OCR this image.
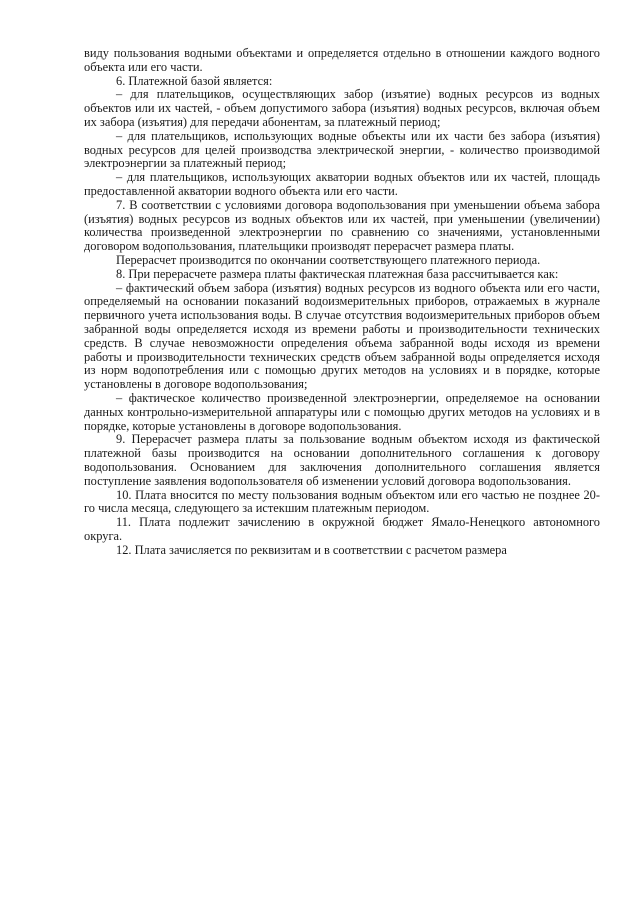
виду пользования водными объектами и определяется отдельно в отношении каждого водного объекта или его части.

6. Платежной базой является:

– для плательщиков, осуществляющих забор (изъятие) водных ресурсов из водных объектов или их частей, - объем допустимого забора (изъятия) водных ресурсов, включая объем их забора (изъятия) для передачи абонентам, за платежный период;

– для плательщиков, использующих водные объекты или их части без забора (изъятия) водных ресурсов для целей производства электрической энергии, - количество производимой электроэнергии за платежный период;

– для плательщиков, использующих акватории водных объектов или их частей, площадь предоставленной акватории водного объекта или его части.

7. В соответствии с условиями договора водопользования при уменьшении объема забора (изъятия) водных ресурсов из водных объектов или их частей, при уменьшении (увеличении) количества произведенной электроэнергии по сравнению со значениями, установленными договором водопользования, плательщики производят перерасчет размера платы.

Перерасчет производится по окончании соответствующего платежного периода.

8. При перерасчете размера платы фактическая платежная база рассчитывается как:

– фактический объем забора (изъятия) водных ресурсов из водного объекта или его части, определяемый на основании показаний водоизмерительных приборов, отражаемых в журнале первичного учета использования воды. В случае отсутствия водоизмерительных приборов объем забранной воды определяется исходя из времени работы и производительности технических средств. В случае невозможности определения объема забранной воды исходя из времени работы и производительности технических средств объем забранной воды определяется исходя из норм водопотребления или с помощью других методов на условиях и в порядке, которые установлены в договоре водопользования;

– фактическое количество произведенной электроэнергии, определяемое на основании данных контрольно-измерительной аппаратуры или с помощью других методов на условиях и в порядке, которые установлены в договоре водопользования.

9. Перерасчет размера платы за пользование водным объектом исходя из фактической платежной базы производится на основании дополнительного соглашения к договору водопользования. Основанием для заключения дополнительного соглашения является поступление заявления водопользователя об изменении условий договора водопользования.

10. Плата вносится по месту пользования водным объектом или его частью не позднее 20-го числа месяца, следующего за истекшим платежным периодом.

11. Плата подлежит зачислению в окружной бюджет Ямало-Ненецкого автономного округа.

12. Плата зачисляется по реквизитам и в соответствии с расчетом размера
